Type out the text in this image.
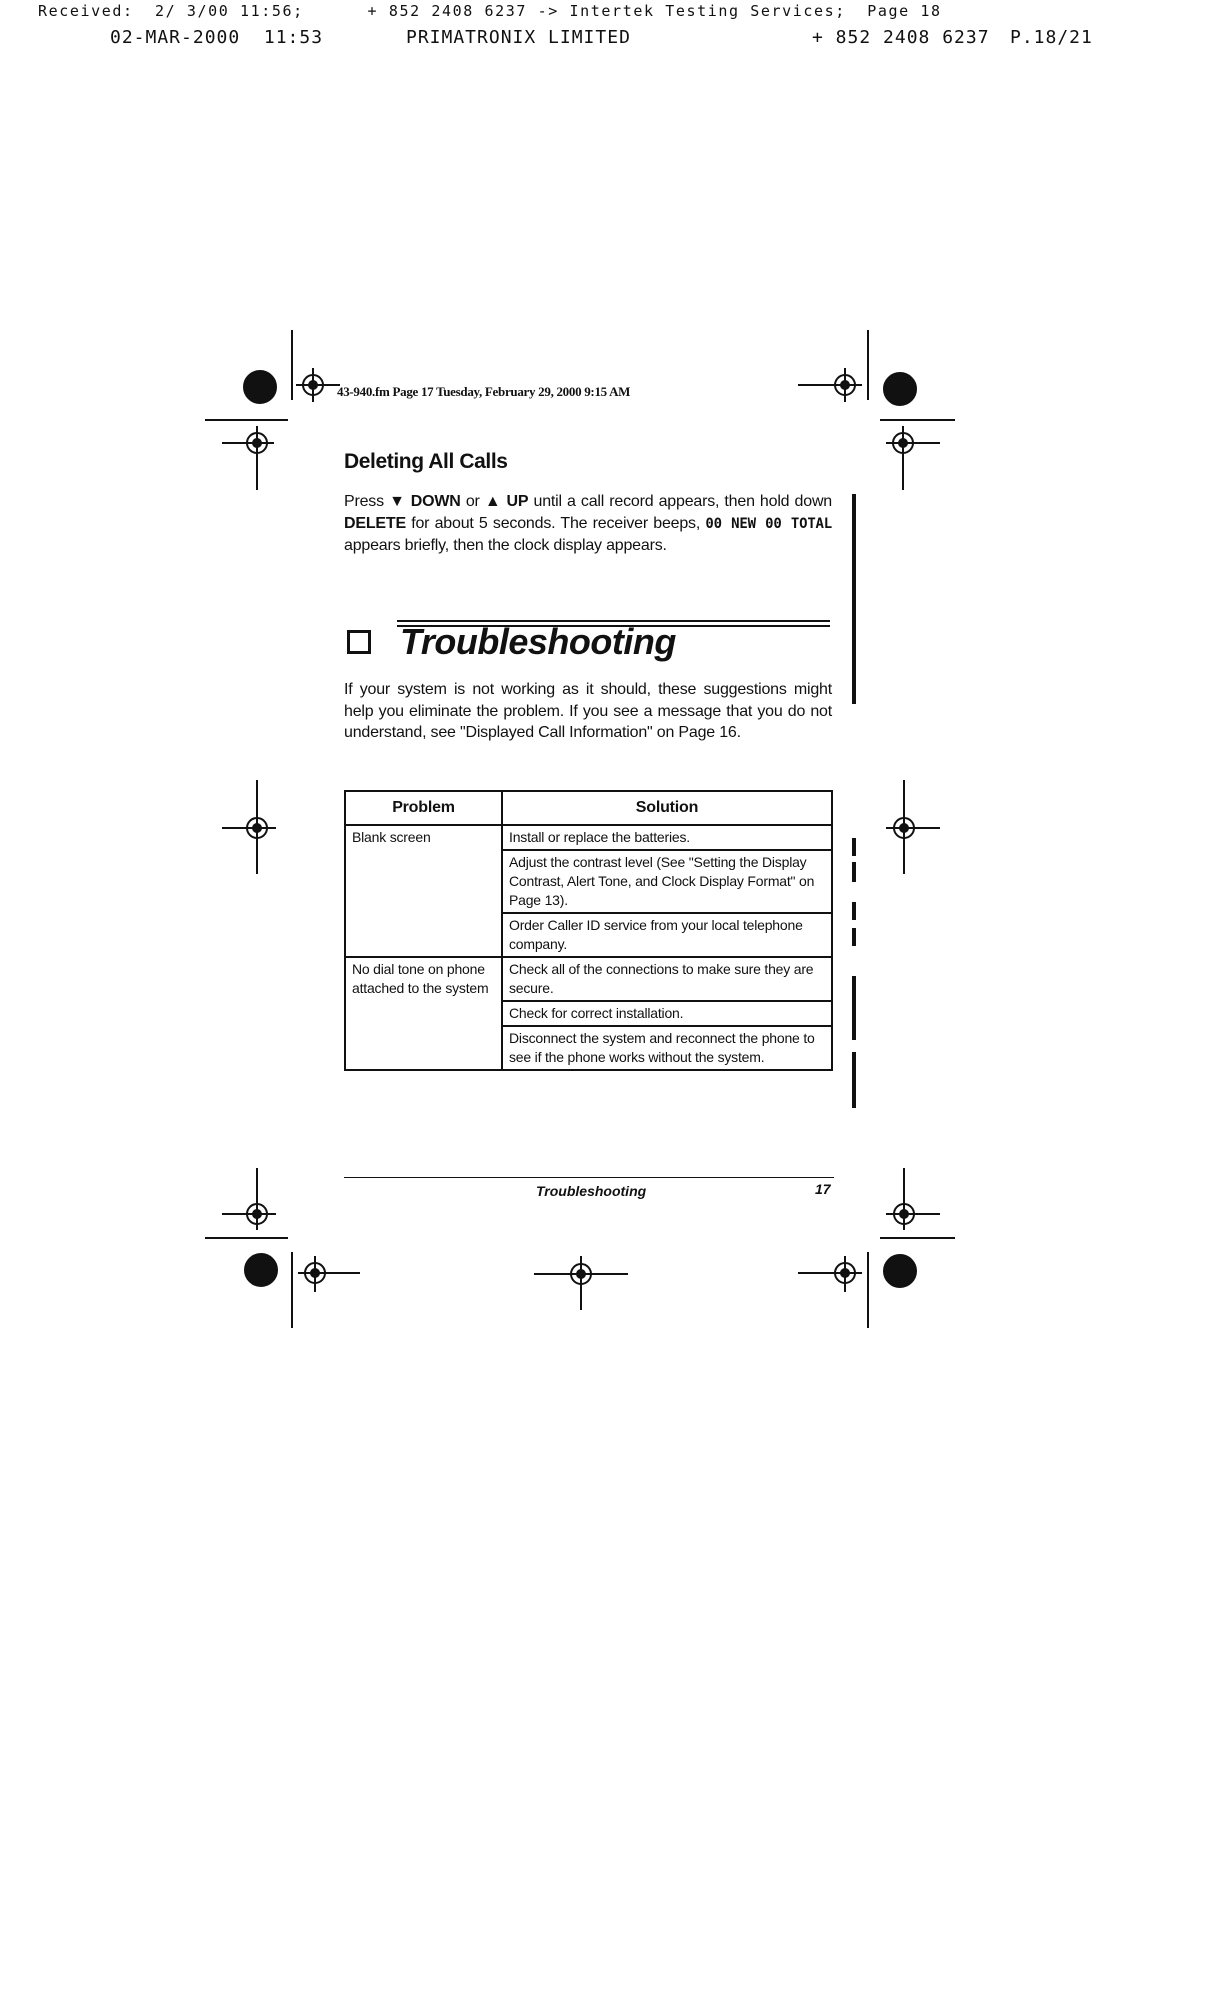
Received:  2/ 3/00 11:56;      + 852 2408 6237 -> Intertek Testing Services;  Page 18

02-MAR-2000  11:53

	PRIMATRONIX LIMITED

	+ 852 2408 6237

P.18/21

43-940.fm Page 17 Tuesday, February 29, 2000 9:15 AM
Deleting All Calls
Press ▼ DOWN or ▲ UP until a call record appears, then hold down DELETE for about 5 seconds. The receiver beeps, 00 NEW 00 TOTAL appears briefly, then the clock display appears.
Troubleshooting
If your system is not working as it should, these suggestions might help you eliminate the problem. If you see a message that you do not understand, see "Displayed Call Information" on Page 16.
Problem	Solution
Blank screen	Install or replace the batteries.
	Adjust the contrast level (See "Setting the Display Contrast, Alert Tone, and Clock Display Format" on Page 13).
	Order Caller ID service from your local telephone company.
No dial tone on phone attached to the system	Check all of the connections to make sure they are secure.
	Check for correct installation.
	Disconnect the system and reconnect the phone to see if the phone works without the system.
Troubleshooting	17
